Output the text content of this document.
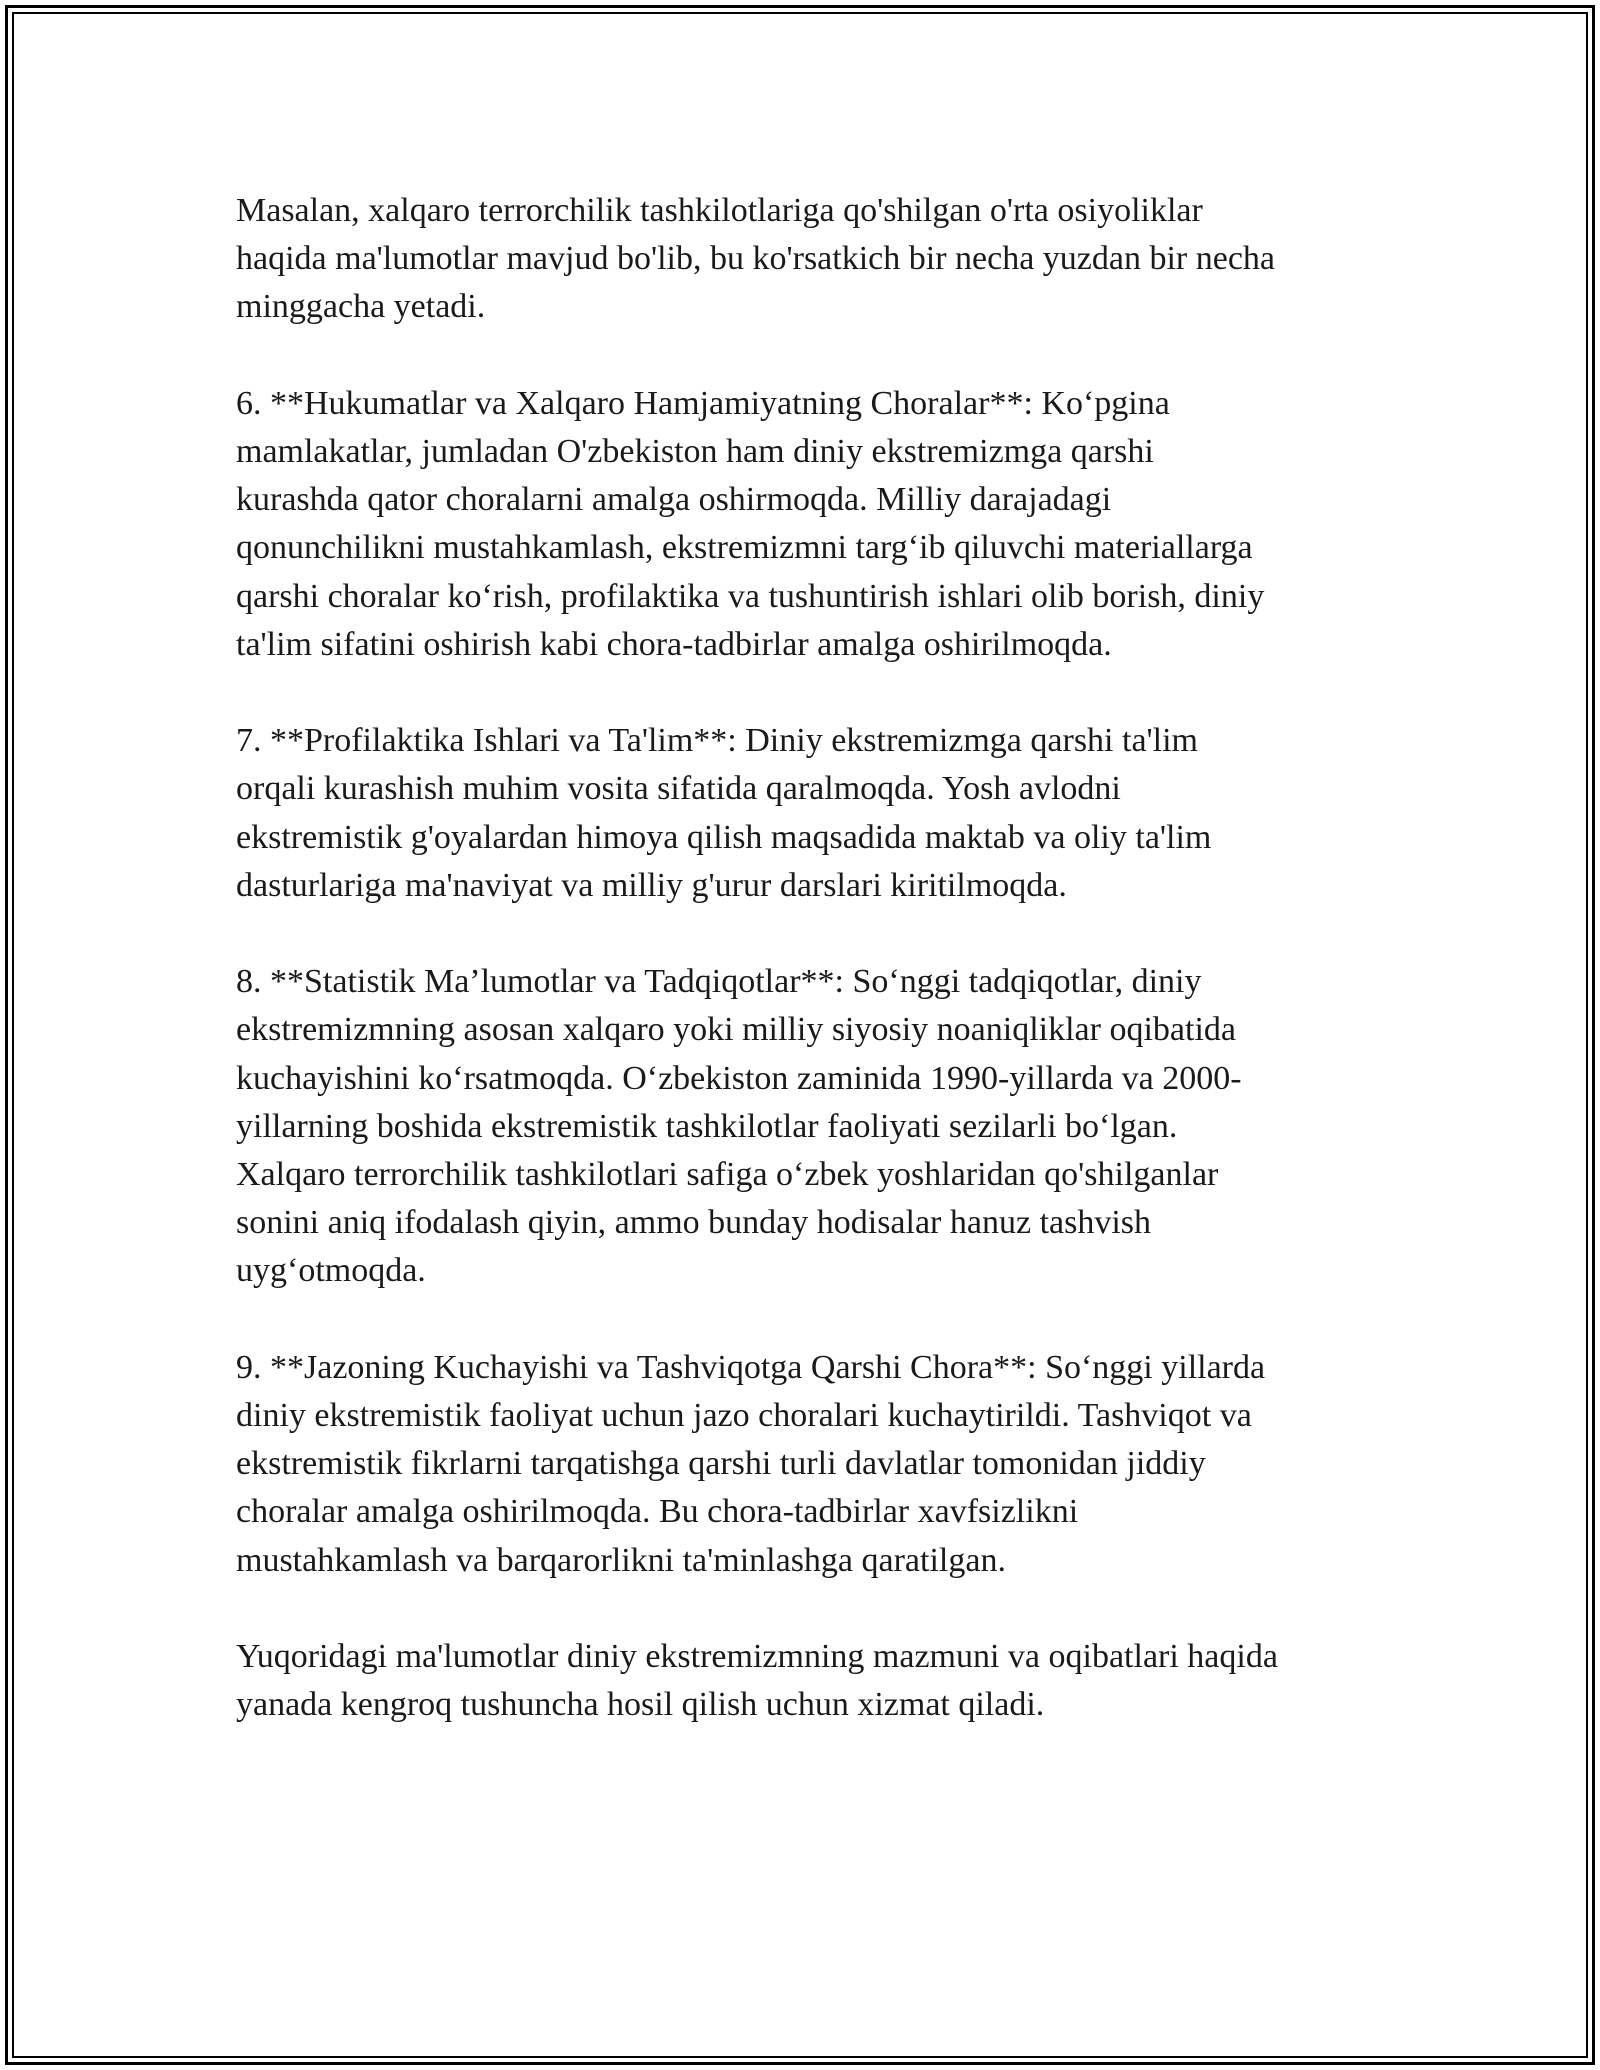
Masalan, xalqaro terrorchilik tashkilotlariga qo'shilgan o'rta osiyoliklar
haqida ma'lumotlar mavjud bo'lib, bu ko'rsatkich bir necha yuzdan bir necha
minggacha yetadi.

6. **Hukumatlar va Xalqaro Hamjamiyatning Choralar**: Ko‘pgina
mamlakatlar, jumladan O'zbekiston ham diniy ekstremizmga qarshi
kurashda qator choralarni amalga oshirmoqda. Milliy darajadagi
qonunchilikni mustahkamlash, ekstremizmni targ‘ib qiluvchi materiallarga
qarshi choralar ko‘rish, profilaktika va tushuntirish ishlari olib borish, diniy
ta'lim sifatini oshirish kabi chora-tadbirlar amalga oshirilmoqda.

7. **Profilaktika Ishlari va Ta'lim**: Diniy ekstremizmga qarshi ta'lim
orqali kurashish muhim vosita sifatida qaralmoqda. Yosh avlodni
ekstremistik g'oyalardan himoya qilish maqsadida maktab va oliy ta'lim
dasturlariga ma'naviyat va milliy g'urur darslari kiritilmoqda.

8. **Statistik Ma’lumotlar va Tadqiqotlar**: So‘nggi tadqiqotlar, diniy
ekstremizmning asosan xalqaro yoki milliy siyosiy noaniqliklar oqibatida
kuchayishini ko‘rsatmoqda. O‘zbekiston zaminida 1990-yillarda va 2000-
yillarning boshida ekstremistik tashkilotlar faoliyati sezilarli bo‘lgan.
Xalqaro terrorchilik tashkilotlari safiga o‘zbek yoshlaridan qo'shilganlar
sonini aniq ifodalash qiyin, ammo bunday hodisalar hanuz tashvish
uyg‘otmoqda.

9. **Jazoning Kuchayishi va Tashviqotga Qarshi Chora**: So‘nggi yillarda
diniy ekstremistik faoliyat uchun jazo choralari kuchaytirildi. Tashviqot va
ekstremistik fikrlarni tarqatishga qarshi turli davlatlar tomonidan jiddiy
choralar amalga oshirilmoqda. Bu chora-tadbirlar xavfsizlikni
mustahkamlash va barqarorlikni ta'minlashga qaratilgan.

Yuqoridagi ma'lumotlar diniy ekstremizmning mazmuni va oqibatlari haqida
yanada kengroq tushuncha hosil qilish uchun xizmat qiladi.
